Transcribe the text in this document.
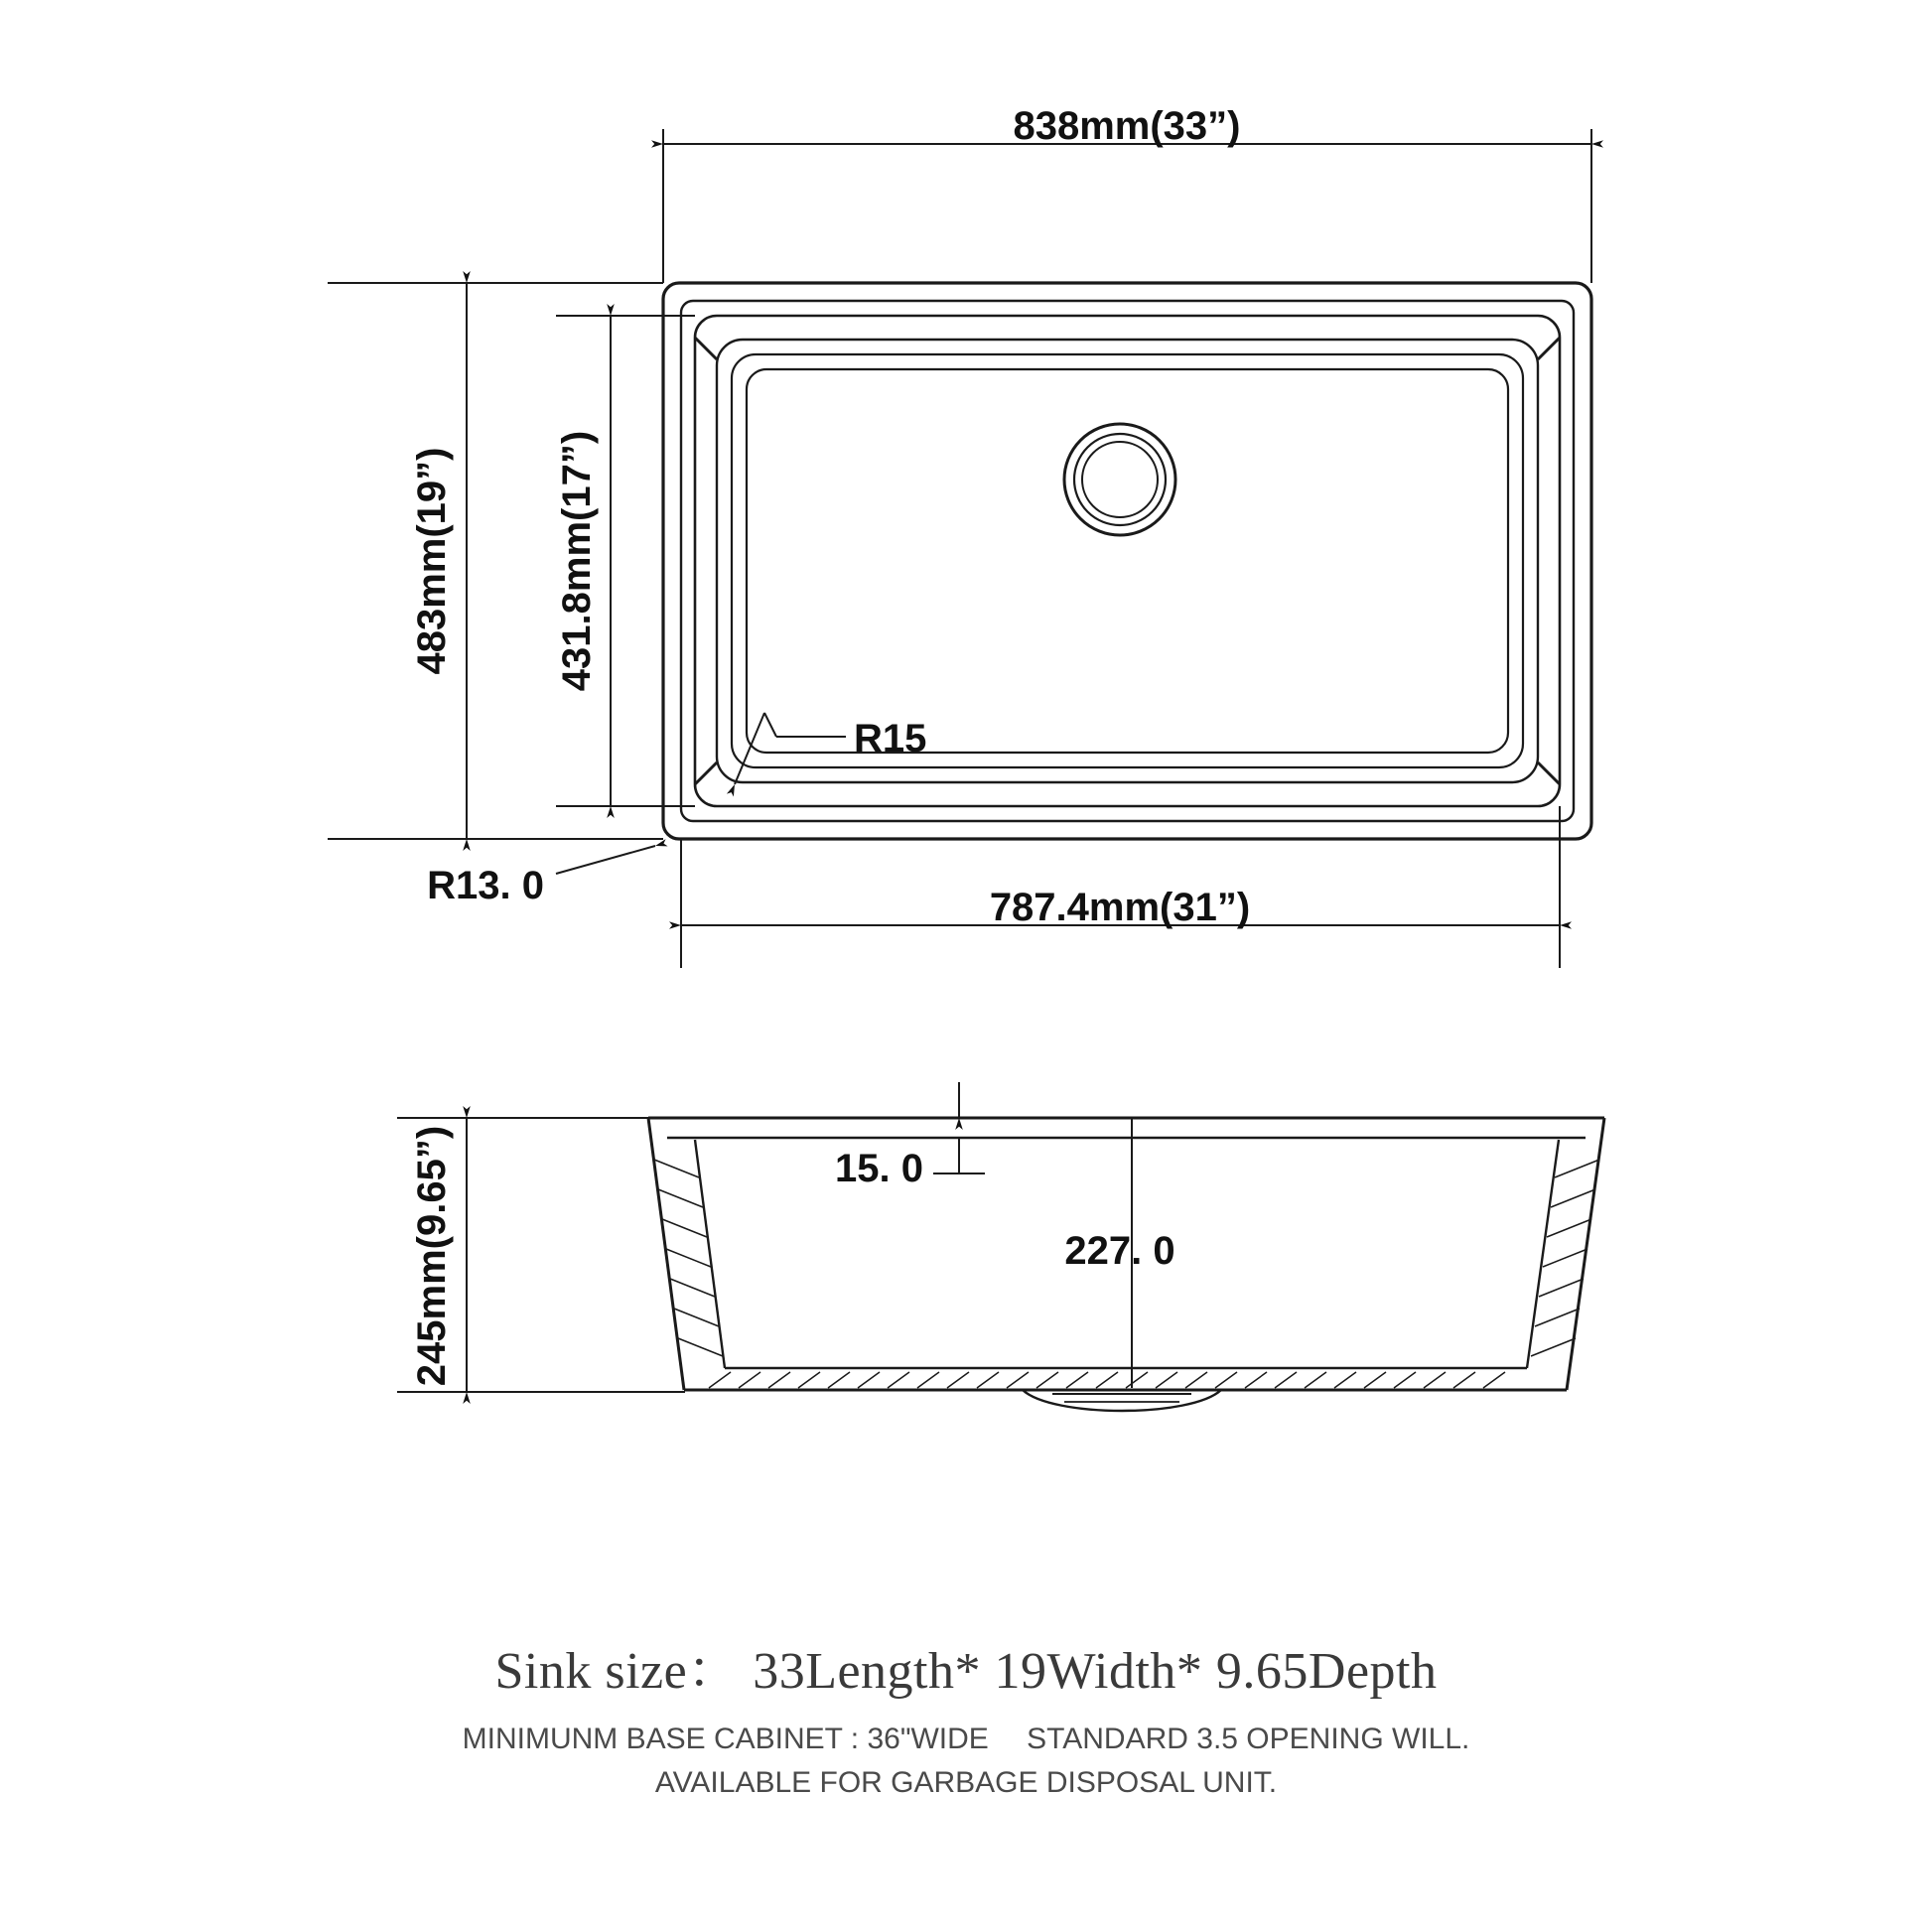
838mm(33”)
483mm(19”)	431.8mm(17”)
787.4mm(31”)
R15
R13. 0
245mm(9.65”)	15. 0
227. 0
Sink size： 33Length* 19Width* 9.65Depth
MINIMUNM BASE CABINET : 36"WIDE　 STANDARD 3.5 OPENING WILL.
AVAILABLE FOR GARBAGE DISPOSAL UNIT.
